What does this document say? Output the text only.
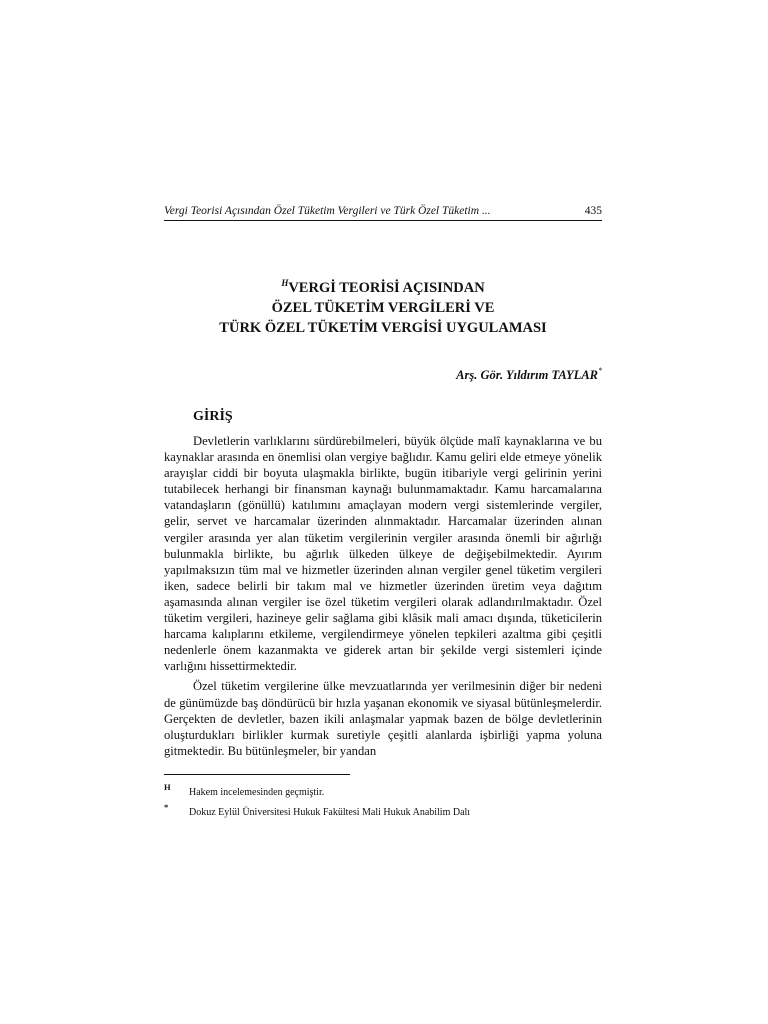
Vergi Teorisi Açısından Özel Tüketim Vergileri ve Türk Özel Tüketim ...	435
$^H$VERGİ TEORİSİ AÇISINDAN
ÖZEL TÜKETİM VERGİLERİ VE
TÜRK ÖZEL TÜKETİM VERGİSİ UYGULAMASI
Arş. Gör. Yıldırım TAYLAR*
GİRİŞ

Devletlerin varlıklarını sürdürebilmeleri, büyük ölçüde malî kaynaklarına ve bu kaynaklar arasında en önemlisi olan vergiye bağlıdır. Kamu geliri elde etmeye yönelik arayışlar ciddi bir boyuta ulaşmakla birlikte, bugün itibariyle vergi gelirinin yerini tutabilecek herhangi bir finansman kaynağı bulunmamaktadır. Kamu harcamalarına vatandaşların (gönüllü) katılımını amaçlayan modern vergi sistemlerinde vergiler, gelir, servet ve harcamalar üzerinden alınmaktadır. Harcamalar üzerinden alınan vergiler arasında yer alan tüketim vergilerinin vergiler arasında önemli bir ağırlığı bulunmakla birlikte, bu ağırlık ülkeden ülkeye de değişebilmektedir. Ayırım yapılmaksızın tüm mal ve hizmetler üzerinden alınan vergiler genel tüketim vergileri iken, sadece belirli bir takım mal ve hizmetler üzerinden üretim veya dağıtım aşamasında alınan vergiler ise özel tüketim vergileri olarak adlandırılmaktadır. Özel tüketim vergileri, hazineye gelir sağlama gibi klâsik mali amacı dışında, tüketicilerin harcama kalıplarını etkileme, vergilendirmeye yönelen tepkileri azaltma gibi çeşitli nedenlerle önem kazanmakta ve giderek artan bir şekilde vergi sistemleri içinde varlığını hissettirmektedir.

Özel tüketim vergilerine ülke mevzuatlarında yer verilmesinin diğer bir nedeni de günümüzde baş döndürücü bir hızla yaşanan ekonomik ve siyasal bütünleşmelerdir. Gerçekten de devletler, bazen ikili anlaşmalar yapmak bazen de bölge devletlerinin oluşturdukları birlikler kurmak suretiyle çeşitli alanlarda işbirliği yapma yoluna gitmektedir. Bu bütünleşmeler, bir yandan

H Hakem incelemesinden geçmiştir.
* Dokuz Eylül Üniversitesi Hukuk Fakültesi Mali Hukuk Anabilim Dalı
